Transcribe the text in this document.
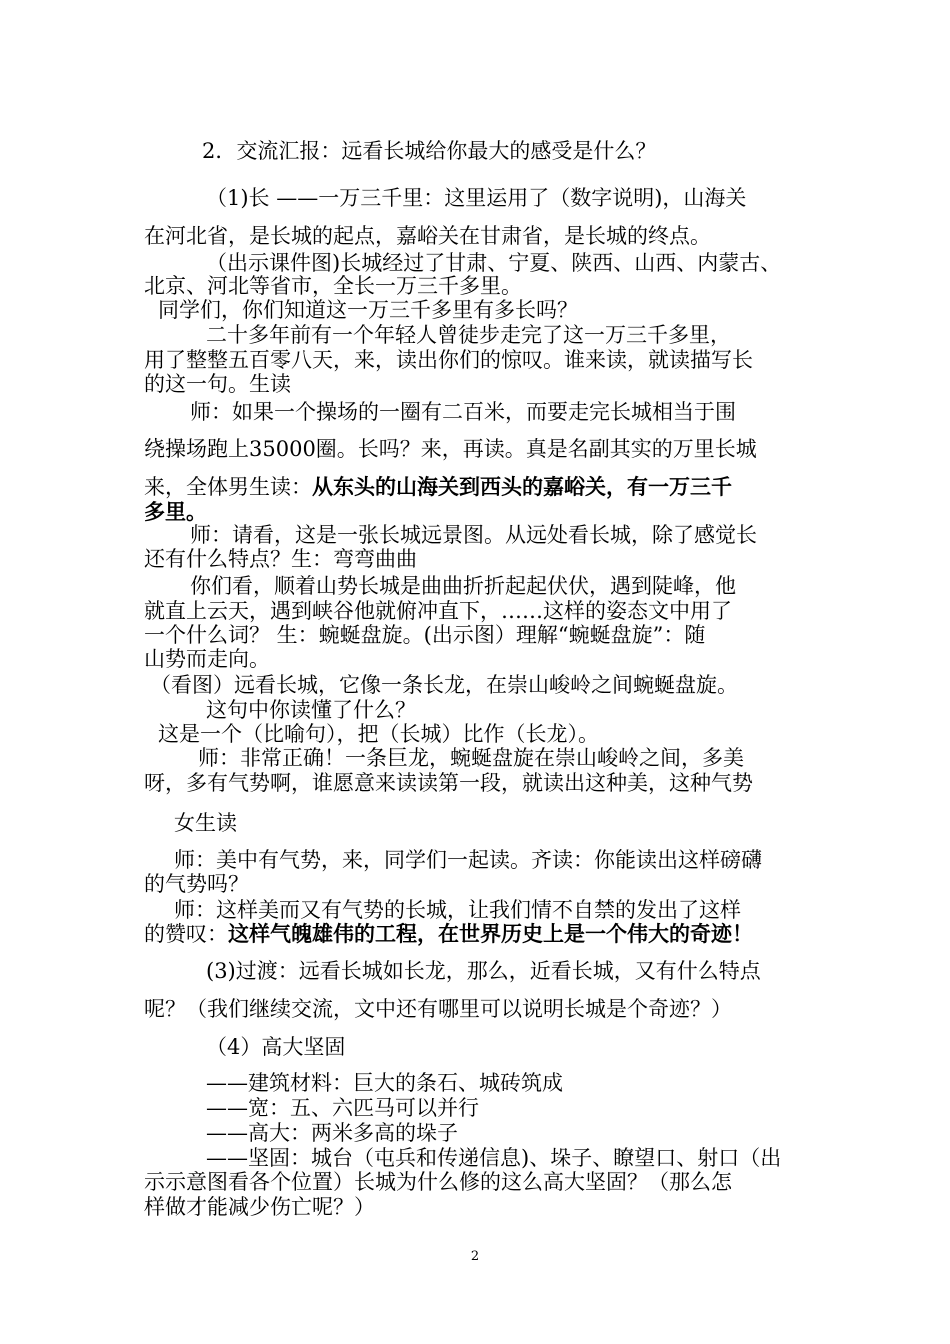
2．交流汇报：远看长城给你最大的感受是什么？

（1)长 ——一万三千里：这里运用了（数字说明)，山海关

在河北省，是长城的起点，嘉峪关在甘肃省，是长城的终点。

（出示课件图)长城经过了甘肃、宁夏、陕西、山西、内蒙古、

北京、河北等省市，全长一万三千多里。

同学们，你们知道这一万三千多里有多长吗？

二十多年前有一个年轻人曾徒步走完了这一万三千多里，

用了整整五百零八天，来，读出你们的惊叹。谁来读，就读描写长

的这一句。生读

师：如果一个操场的一圈有二百米，而要走完长城相当于围

绕操场跑上35000圈。长吗？来，再读。真是名副其实的万里长城

来，全体男生读：从东头的山海关到西头的嘉峪关，有一万三千

多里。

师：请看，这是一张长城远景图。从远处看长城，除了感觉长

还有什么特点？生：弯弯曲曲

你们看，顺着山势长城是曲曲折折起起伏伏，遇到陡峰，他

就直上云天，遇到峡谷他就俯冲直下，……这样的姿态文中用了

一个什么词？ 生：蜿蜒盘旋。(出示图）理解“蜿蜒盘旋”：随

山势而走向。

（看图）远看长城，它像一条长龙，在崇山峻岭之间蜿蜒盘旋。

这句中你读懂了什么？

这是一个（比喻句），把（长城）比作（长龙）。

师：非常正确！一条巨龙，蜿蜒盘旋在崇山峻岭之间，多美

呀，多有气势啊，谁愿意来读读第一段，就读出这种美，这种气势

女生读

师：美中有气势，来，同学们一起读。齐读：你能读出这样磅礴

的气势吗？

师：这样美而又有气势的长城，让我们情不自禁的发出了这样

的赞叹：这样气魄雄伟的工程，在世界历史上是一个伟大的奇迹！

(3)过渡：远看长城如长龙，那么，近看长城，又有什么特点

呢？（我们继续交流，文中还有哪里可以说明长城是个奇迹？）

（4）高大坚固

——建筑材料：巨大的条石、城砖筑成

——宽：五、六匹马可以并行

——高大：两米多高的垛子

——坚固：城台（屯兵和传递信息)、垛子、瞭望口、射口（出

示示意图看各个位置）长城为什么修的这么高大坚固？（那么怎

样做才能减少伤亡呢？）

2
